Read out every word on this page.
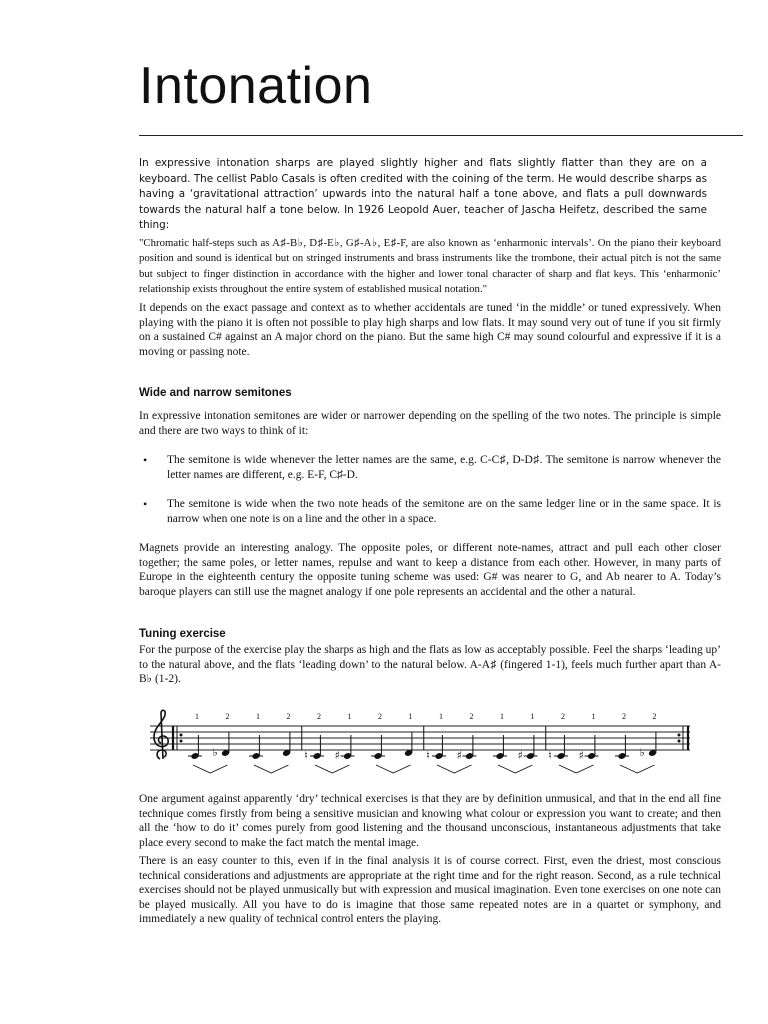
Intonation
In expressive intonation sharps are played slightly higher and flats slightly flatter than they are on a keyboard. The cellist Pablo Casals is often credited with the coining of the term. He would describe sharps as having a ‘gravitational attraction’ upwards into the natural half a tone above, and flats a pull downwards towards the natural half a tone below. In 1926 Leopold Auer, teacher of Jascha Heifetz, described the same thing:
"Chromatic half-steps such as A♯-B♭, D♯-E♭, G♯-A♭, E♯-F, are also known as ‘enharmonic intervals’. On the piano their keyboard position and sound is identical but on stringed instruments and brass instruments like the trombone, their actual pitch is not the same but subject to finger distinction in accordance with the higher and lower tonal character of sharp and flat keys. This ‘enharmonic’ relationship exists throughout the entire system of established musical notation."
It depends on the exact passage and context as to whether accidentals are tuned ‘in the middle’ or tuned expressively. When playing with the piano it is often not possible to play high sharps and low flats. It may sound very out of tune if you sit firmly on a sustained C# against an A major chord on the piano. But the same high C# may sound colourful and expressive if it is a moving or passing note.
Wide and narrow semitones
In expressive intonation semitones are wider or narrower depending on the spelling of the two notes. The principle is simple and there are two ways to think of it:
• The semitone is wide whenever the letter names are the same, e.g. C-C♯, D-D♯. The semitone is narrow whenever the letter names are different, e.g. E-F, C♯-D.
• The semitone is wide when the two note heads of the semitone are on the same ledger line or in the same space. It is narrow when one note is on a line and the other in a space.
Magnets provide an interesting analogy. The opposite poles, or different note-names, attract and pull each other closer together; the same poles, or letter names, repulse and want to keep a distance from each other. However, in many parts of Europe in the eighteenth century the opposite tuning scheme was used: G# was nearer to G, and Ab nearer to A. Today’s baroque players can still use the magnet analogy if one pole represents an accidental and the other a natural.
Tuning exercise
For the purpose of the exercise play the sharps as high and the flats as low as acceptably possible. Feel the sharps ‘leading up’ to the natural above, and the flats ‘leading down’ to the natural below. A-A♯ (fingered 1-1), feels much further apart than A-B♭ (1-2).
1
♭
2	1	2
♮
2
♯
1	2	1
♮
1
♯
2	1
♯
1
♮
2
♯
1	2
♭
2
One argument against apparently ‘dry’ technical exercises is that they are by definition unmusical, and that in the end all fine technique comes firstly from being a sensitive musician and knowing what colour or expression you want to create; and then all the ‘how to do it’ comes purely from good listening and the thousand unconscious, instantaneous adjustments that take place every second to make the fact match the mental image.
There is an easy counter to this, even if in the final analysis it is of course correct. First, even the driest, most conscious technical considerations and adjustments are appropriate at the right time and for the right reason. Second, as a rule technical exercises should not be played unmusically but with expression and musical imagination. Even tone exercises on one note can be played musically. All you have to do is imagine that those same repeated notes are in a quartet or symphony, and immediately a new quality of technical control enters the playing.
